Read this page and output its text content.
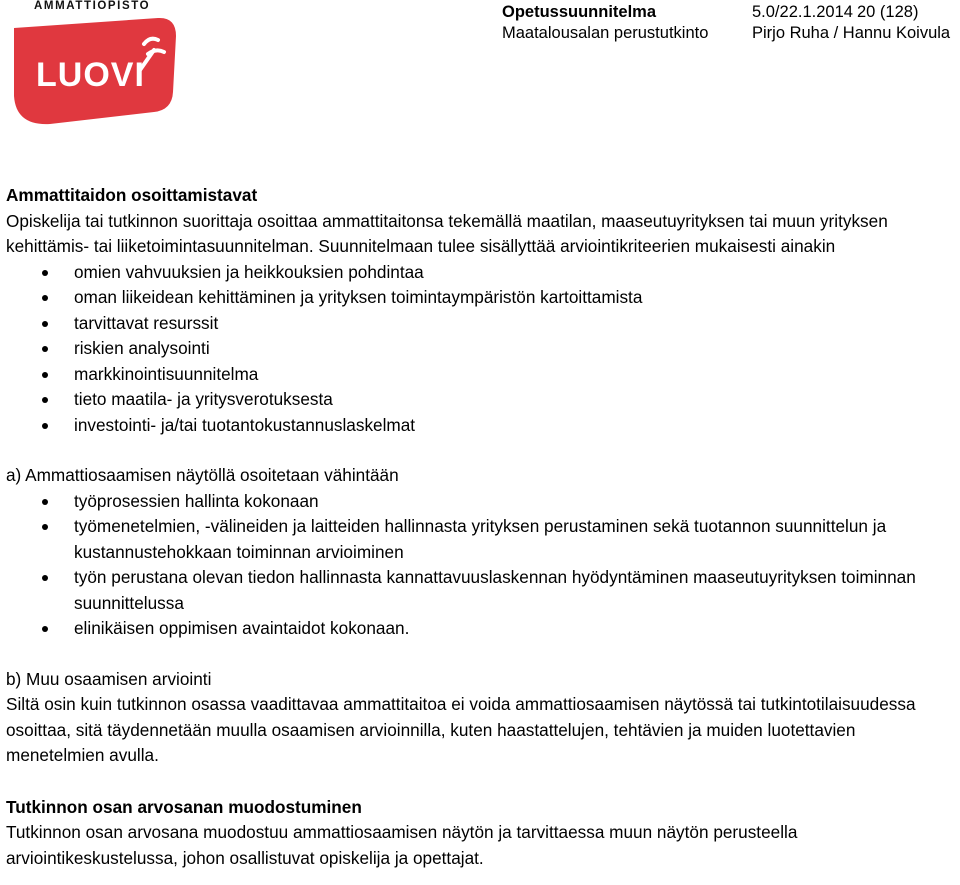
AMMATTIOPISTO
LUOVI
Opetussuunnitelma
Maatalousalan perustutkinto
5.0/22.1.2014 20 (128)
Pirjo Ruha / Hannu Koivula

Ammattitaidon osoittamistavat

Opiskelija tai tutkinnon suorittaja osoittaa ammattitaitonsa tekemällä maatilan, maaseutuyrityksen tai muun yrityksen kehittämis- tai liiketoimintasuunnitelman. Suunnitelmaan tulee sisällyttää arviointikriteerien mukaisesti ainakin

omien vahvuuksien ja heikkouksien pohdintaa
oman liikeidean kehittäminen ja yrityksen toimintaympäristön kartoittamista
tarvittavat resurssit
riskien analysointi
markkinointisuunnitelma
tieto maatila- ja yritysverotuksesta
investointi- ja/tai tuotantokustannuslaskelmat

a) Ammattiosaamisen näytöllä osoitetaan vähintään

työprosessien hallinta kokonaan
työmenetelmien, -välineiden ja laitteiden hallinnasta yrityksen perustaminen sekä tuotannon suunnittelun ja kustannustehokkaan toiminnan arvioiminen
työn perustana olevan tiedon hallinnasta kannattavuuslaskennan hyödyntäminen maaseutuyrityksen toiminnan suunnittelussa
elinikäisen oppimisen avaintaidot kokonaan.

b) Muu osaamisen arviointi

Siltä osin kuin tutkinnon osassa vaadittavaa ammattitaitoa ei voida ammattiosaamisen näytössä tai tutkintotilaisuudessa osoittaa, sitä täydennetään muulla osaamisen arvioinnilla, kuten haastattelujen, tehtävien ja muiden luotettavien menetelmien avulla.

Tutkinnon osan arvosanan muodostuminen

Tutkinnon osan arvosana muodostuu ammattiosaamisen näytön ja tarvittaessa muun näytön perusteella arviointikeskustelussa, johon osallistuvat opiskelija ja opettajat.
